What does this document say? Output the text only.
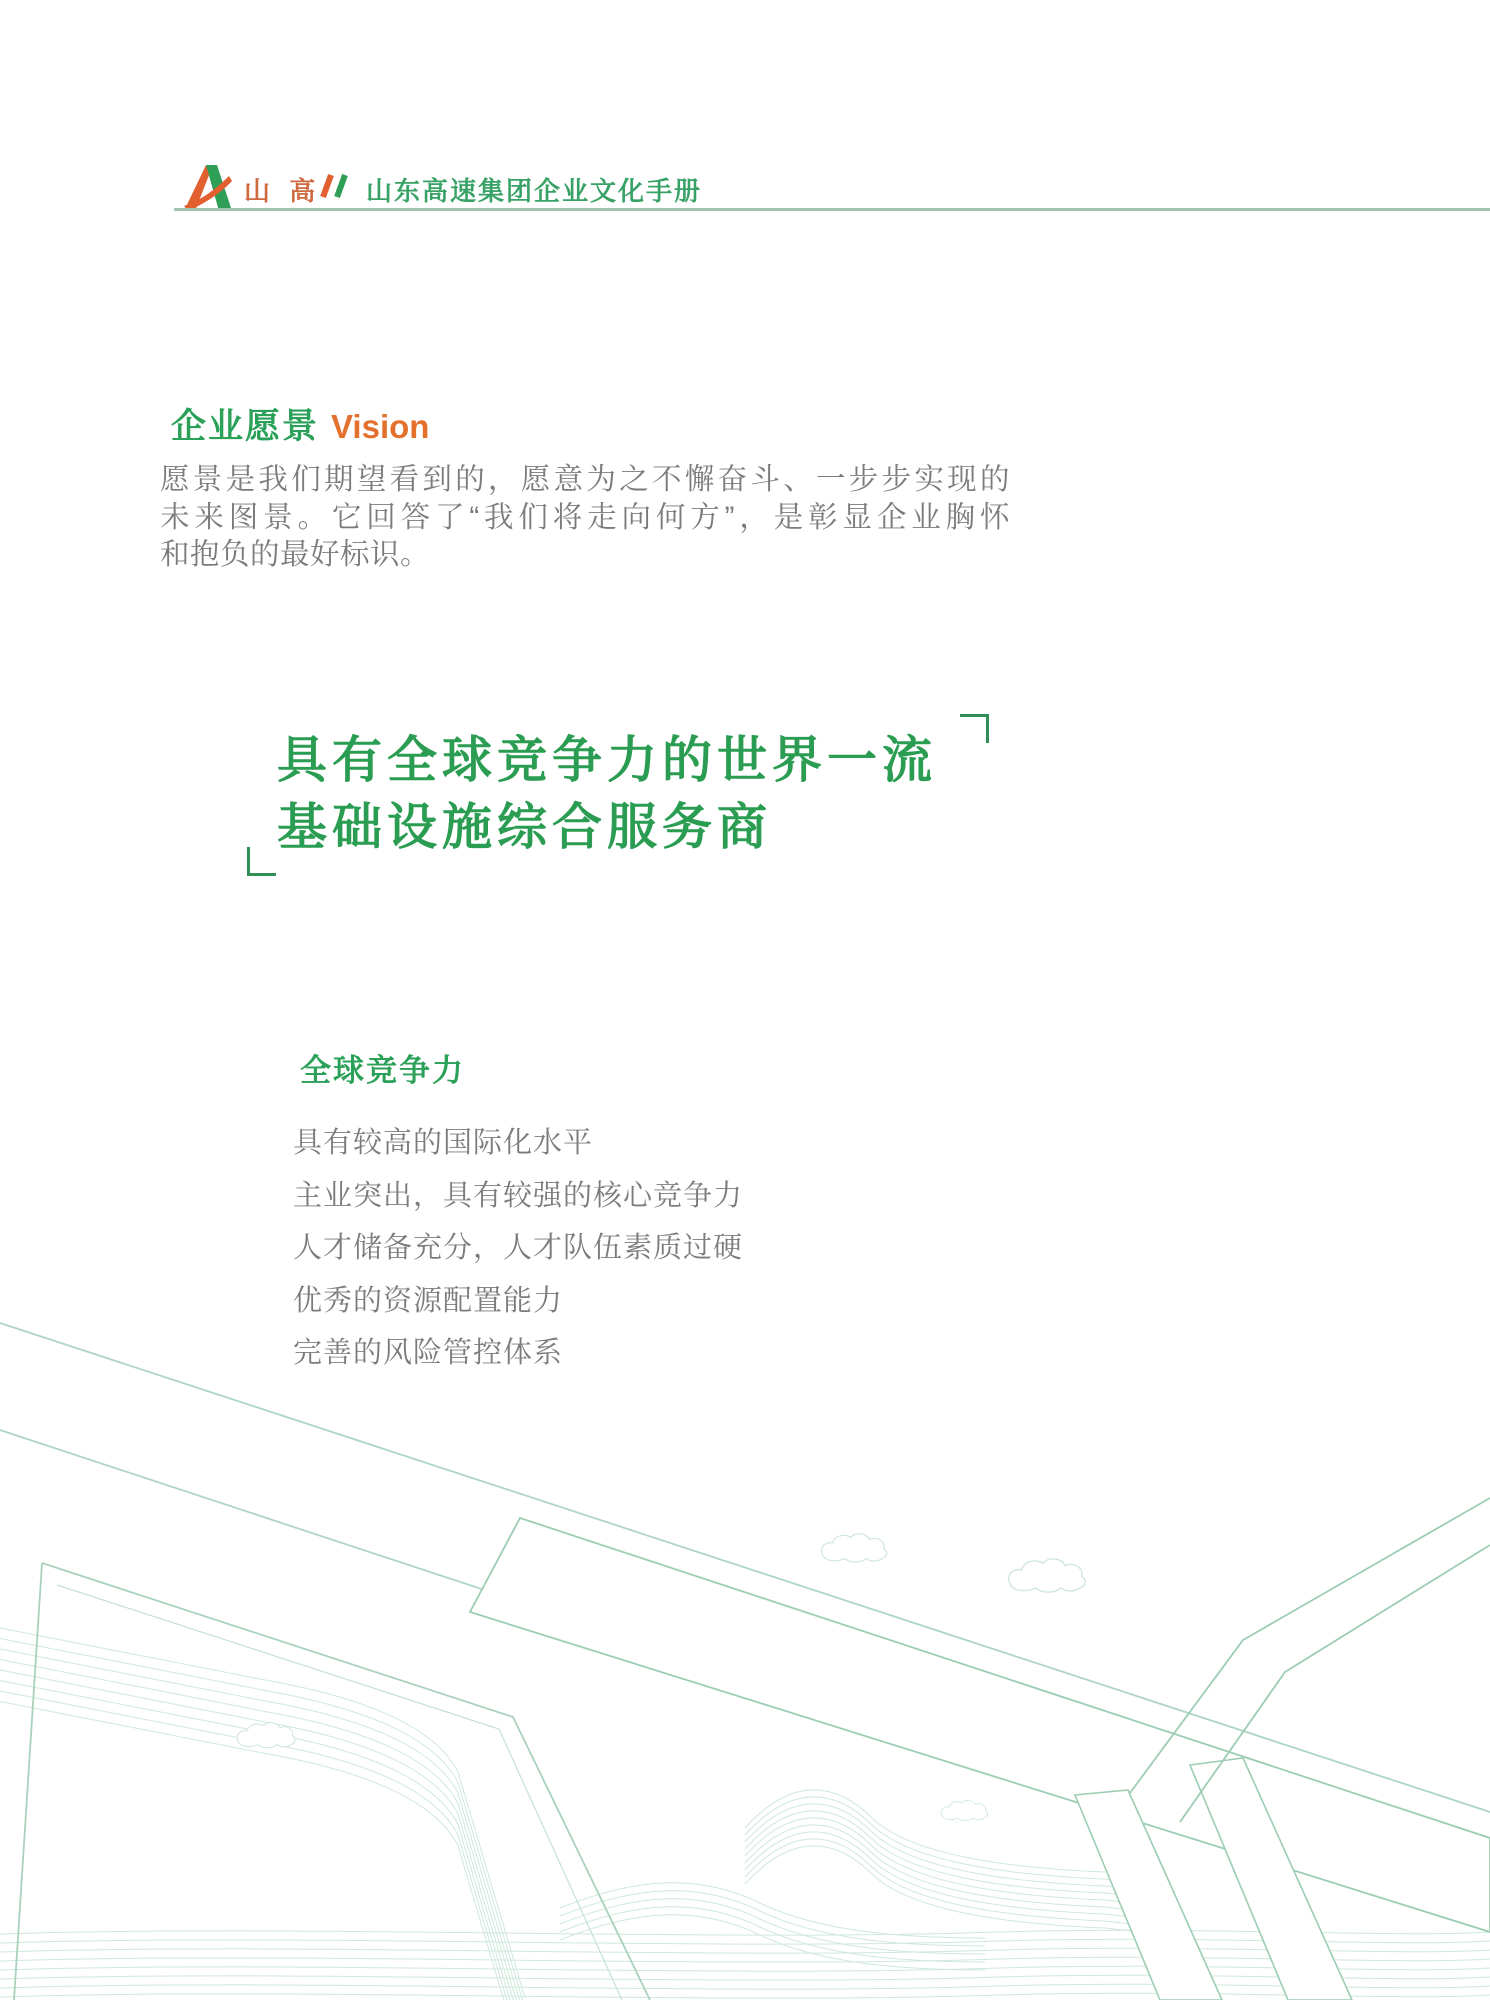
山 高 山东高速集团企业文化手册
企业愿景 Vision
愿景是我们期望看到的，愿意为之不懈奋斗、一步步实现的
未来图景。它回答了“我们将走向何方”，是彰显企业胸怀
和抱负的最好标识。
具有全球竞争力的世界一流
基础设施综合服务商
全球竞争力
具有较高的国际化水平
主业突出，具有较强的核心竞争力
人才储备充分，人才队伍素质过硬
优秀的资源配置能力
完善的风险管控体系
